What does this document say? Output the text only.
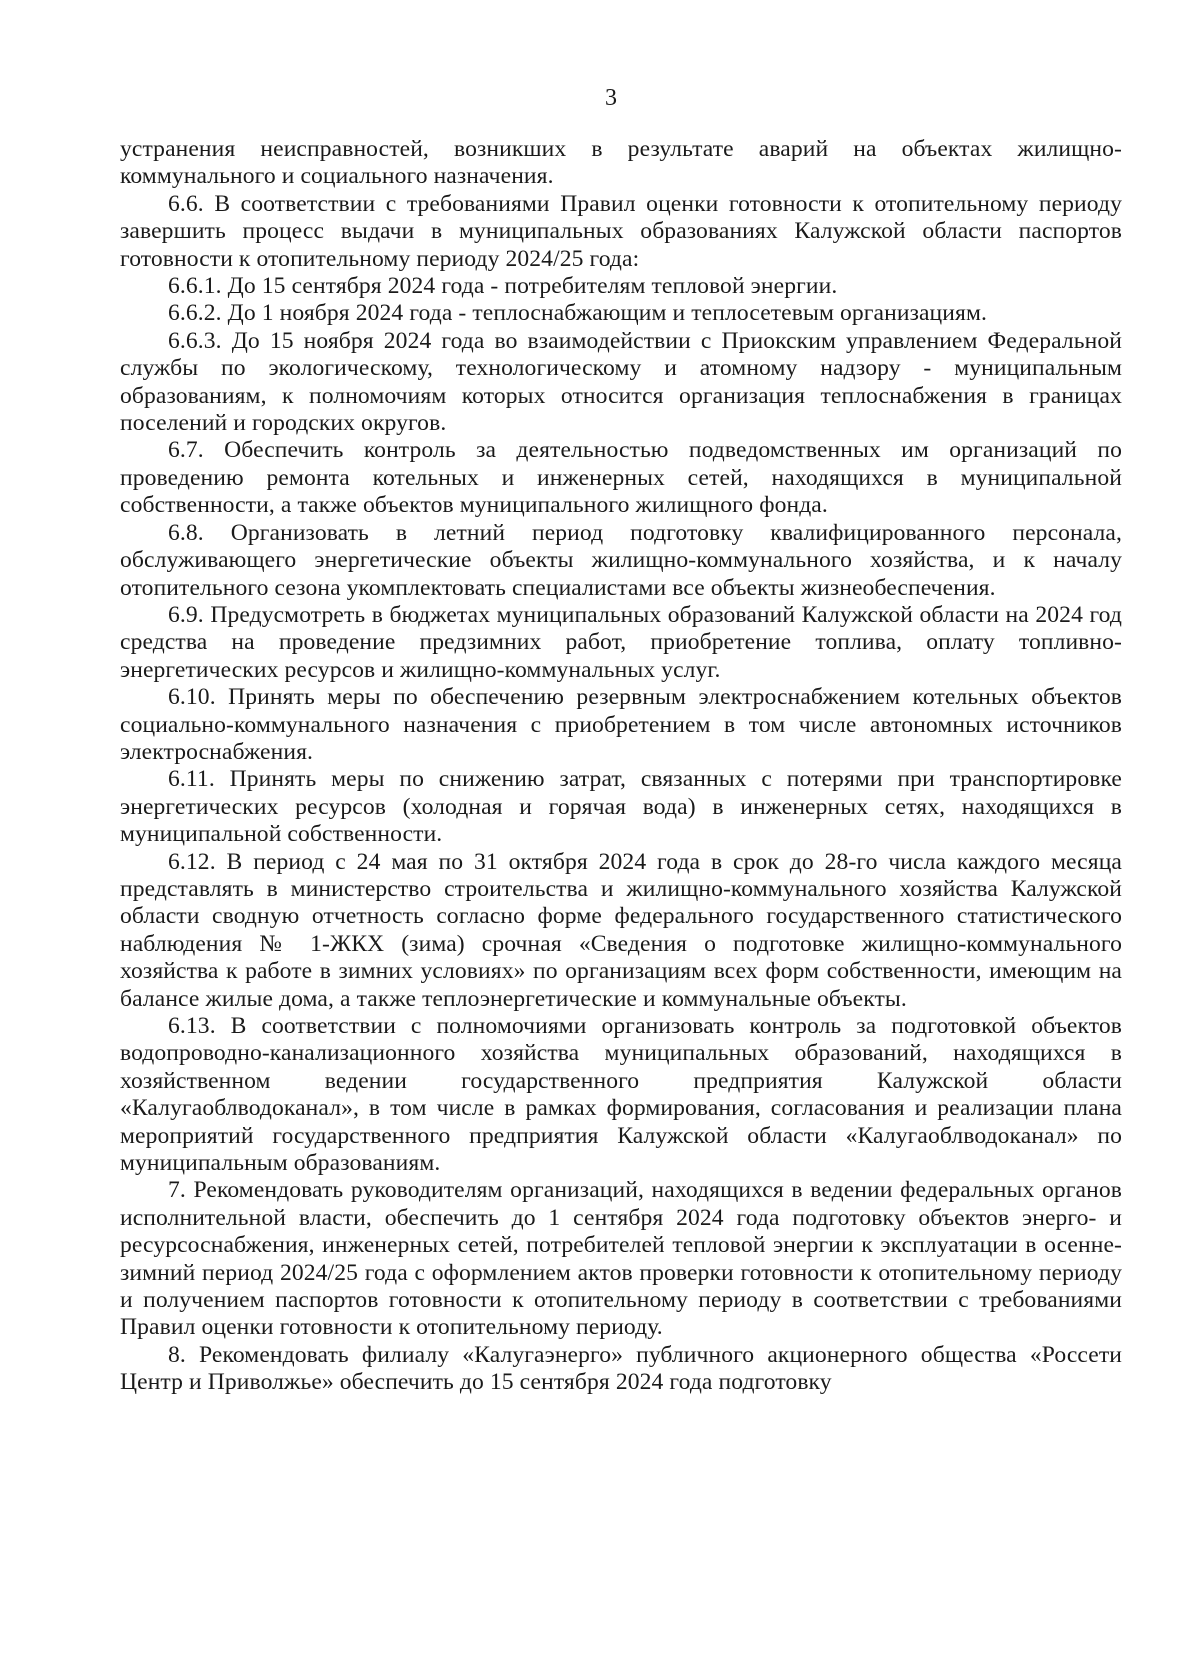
3

устранения неисправностей, возникших в результате аварий на объектах жилищно-коммунального и социального назначения.

6.6. В соответствии с требованиями Правил оценки готовности к отопительному периоду завершить процесс выдачи в муниципальных образованиях Калужской области паспортов готовности к отопительному периоду 2024/25 года:

6.6.1. До 15 сентября 2024 года - потребителям тепловой энергии.

6.6.2. До 1 ноября 2024 года - теплоснабжающим и теплосетевым организациям.

6.6.3. До 15 ноября 2024 года во взаимодействии с Приокским управлением Федеральной службы по экологическому, технологическому и атомному надзору - муниципальным образованиям, к полномочиям которых относится организация теплоснабжения в границах поселений и городских округов.

6.7. Обеспечить контроль за деятельностью подведомственных им организаций по проведению ремонта котельных и инженерных сетей, находящихся в муниципальной собственности, а также объектов муниципального жилищного фонда.

6.8. Организовать в летний период подготовку квалифицированного персонала, обслуживающего энергетические объекты жилищно-коммунального хозяйства, и к началу отопительного сезона укомплектовать специалистами все объекты жизнеобеспечения.

6.9. Предусмотреть в бюджетах муниципальных образований Калужской области на 2024 год средства на проведение предзимних работ, приобретение топлива, оплату топливно-энергетических ресурсов и жилищно-коммунальных услуг.

6.10. Принять меры по обеспечению резервным электроснабжением котельных объектов социально-коммунального назначения с приобретением в том числе автономных источников электроснабжения.

6.11. Принять меры по снижению затрат, связанных с потерями при транспортировке энергетических ресурсов (холодная и горячая вода) в инженерных сетях, находящихся в муниципальной собственности.

6.12. В период с 24 мая по 31 октября 2024 года в срок до 28-го числа каждого месяца представлять в министерство строительства и жилищно-коммунального хозяйства Калужской области сводную отчетность согласно форме федерального государственного статистического наблюдения № 1-ЖКХ (зима) срочная «Сведения о подготовке жилищно-коммунального хозяйства к работе в зимних условиях» по организациям всех форм собственности, имеющим на балансе жилые дома, а также теплоэнергетические и коммунальные объекты.

6.13. В соответствии с полномочиями организовать контроль за подготовкой объектов водопроводно-канализационного хозяйства муниципальных образований, находящихся в хозяйственном ведении государственного предприятия Калужской области «Калугаоблводоканал», в том числе в рамках формирования, согласования и реализации плана мероприятий государственного предприятия Калужской области «Калугаоблводоканал» по муниципальным образованиям.

7. Рекомендовать руководителям организаций, находящихся в ведении федеральных органов исполнительной власти, обеспечить до 1 сентября 2024 года подготовку объектов энерго- и ресурсоснабжения, инженерных сетей, потребителей тепловой энергии к эксплуатации в осенне-зимний период 2024/25 года с оформлением актов проверки готовности к отопительному периоду и получением паспортов готовности к отопительному периоду в соответствии с требованиями Правил оценки готовности к отопительному периоду.

8. Рекомендовать филиалу «Калугаэнерго» публичного акционерного общества «Россети Центр и Приволжье» обеспечить до 15 сентября 2024 года подготовку
